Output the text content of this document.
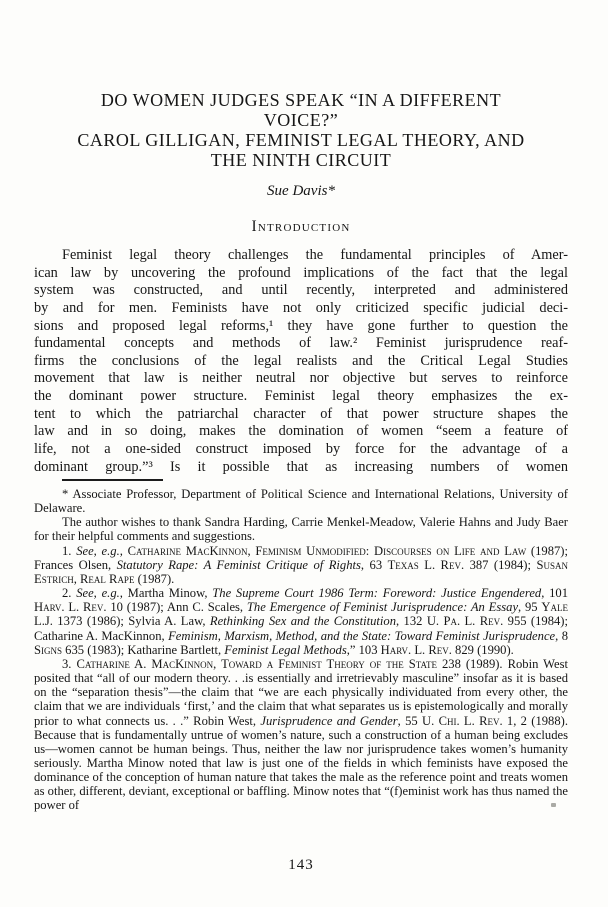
DO WOMEN JUDGES SPEAK “IN A DIFFERENT
VOICE?”
CAROL GILLIGAN, FEMINIST LEGAL THEORY, AND
THE NINTH CIRCUIT
Sue Davis*
Introduction
Feminist legal theory challenges the fundamental principles of Amer-
ican law by uncovering the profound implications of the fact that the legal
system was constructed, and until recently, interpreted and administered
by and for men. Feminists have not only criticized specific judicial deci-
sions and proposed legal reforms,¹ they have gone further to question the
fundamental concepts and methods of law.² Feminist jurisprudence reaf-
firms the conclusions of the legal realists and the Critical Legal Studies
movement that law is neither neutral nor objective but serves to reinforce
the dominant power structure. Feminist legal theory emphasizes the ex-
tent to which the patriarchal character of that power structure shapes the
law and in so doing, makes the domination of women “seem a feature of
life, not a one-sided construct imposed by force for the advantage of a
dominant group.”³ Is it possible that as increasing numbers of women

* Associate Professor, Department of Political Science and International Relations, University of Delaware.

The author wishes to thank Sandra Harding, Carrie Menkel-Meadow, Valerie Hahns and Judy Baer for their helpful comments and suggestions.

1. See, e.g., Catharine MacKinnon, Feminism Unmodified: Discourses on Life and Law (1987); Frances Olsen, Statutory Rape: A Feminist Critique of Rights, 63 Texas L. Rev. 387 (1984); Susan Estrich, Real Rape (1987).

2. See, e.g., Martha Minow, The Supreme Court 1986 Term: Foreword: Justice Engendered, 101 Harv. L. Rev. 10 (1987); Ann C. Scales, The Emergence of Feminist Jurisprudence: An Essay, 95 Yale L.J. 1373 (1986); Sylvia A. Law, Rethinking Sex and the Constitution, 132 U. Pa. L. Rev. 955 (1984); Catharine A. MacKinnon, Feminism, Marxism, Method, and the State: Toward Feminist Jurisprudence, 8 Signs 635 (1983); Katharine Bartlett, Feminist Legal Methods,” 103 Harv. L. Rev. 829 (1990).

3. Catharine A. MacKinnon, Toward a Feminist Theory of the State 238 (1989). Robin West posited that “all of our modern theory. . .is essentially and irretrievably masculine” insofar as it is based on the “separation thesis”—the claim that “we are each physically individuated from every other, the claim that we are individuals ‘first,’ and the claim that what separates us is epistemologically and morally prior to what connects us. . .” Robin West, Jurisprudence and Gender, 55 U. Chi. L. Rev. 1, 2 (1988). Because that is fundamentally untrue of women’s nature, such a construction of a human being excludes us—women cannot be human beings. Thus, neither the law nor jurisprudence takes women’s humanity seriously. Martha Minow noted that law is just one of the fields in which feminists have exposed the dominance of the conception of human nature that takes the male as the reference point and treats women as other, different, deviant, exceptional or baffling. Minow notes that “(f)eminist work has thus named the power of

143
